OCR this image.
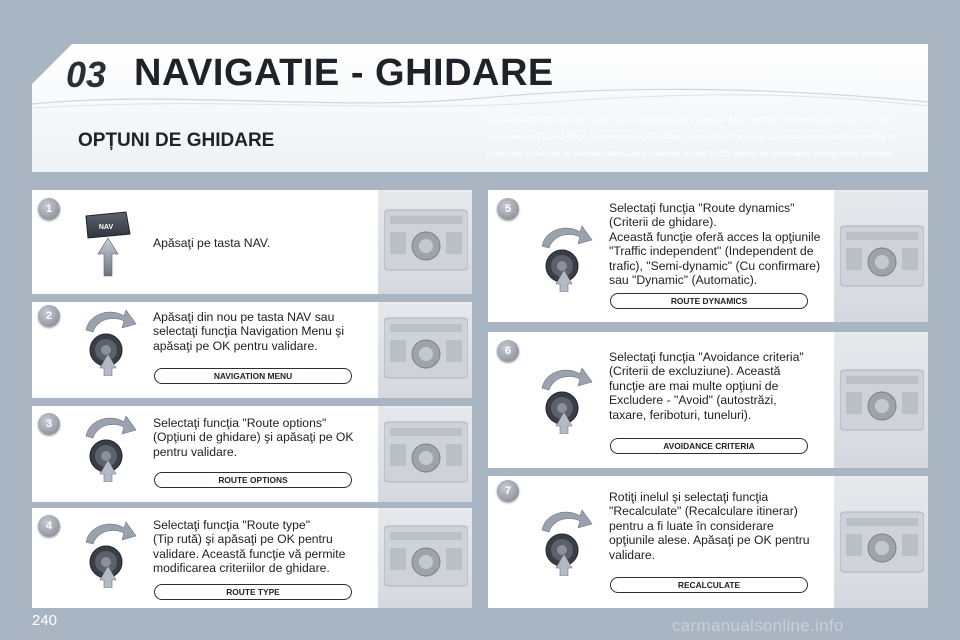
03 NAVIGATIE - GHIDARE
OPȚUNI DE GHIDARE
Când este afişată harta pe ecran, aveţi posibilitatea de a selecta "Map Settings" (Reglaje hartă) apoi "2D Map" (Hartă de sus)/" 2.5D Map" (În perspectivă)/"3D Map" (Hartă 3D)/"North Up" (Orientare spre Nord)/"Heading Up" (Orientare în funcţie de direcţia vehiculului). Clădirile vizibile în 3D depind de avansarea cartografierii oraşelor.
1
2
3
4
5
6
7
NAV
Apăsaţi pe tasta NAV.
Apăsaţi din nou pe tasta NAV sau
selectaţi funcţia Navigation Menu şi
apăsaţi pe OK pentru validare.
Selectaţi funcţia "Route options"
(Opţiuni de ghidare) şi apăsaţi pe OK
pentru validare.
Selectaţi funcţia "Route type"
(Tip rută) şi apăsaţi pe OK pentru
validare. Această funcţie vă permite
modificarea criteriilor de ghidare.
Selectaţi funcţia "Route dynamics"
(Criterii de ghidare).
Această funcţie oferă acces la opţiunile
"Traffic independent" (Independent de
trafic), "Semi-dynamic" (Cu confirmare)
sau "Dynamic" (Automatic).
Selectaţi funcţia "Avoidance criteria"
(Criterii de excluziune). Această
funcţie are mai multe opţiuni de
Excludere - "Avoid" (autostrăzi,
taxare, feriboturi, tuneluri).
Rotiţi inelul şi selectaţi funcţia
"Recalculate" (Recalculare itinerar)
pentru a fi luate în considerare
opţiunile alese. Apăsaţi pe OK pentru
validare.
NAVIGATION MENU
ROUTE OPTIONS
ROUTE TYPE
ROUTE DYNAMICS
AVOIDANCE CRITERIA
RECALCULATE
240	carmanualsonline.info
